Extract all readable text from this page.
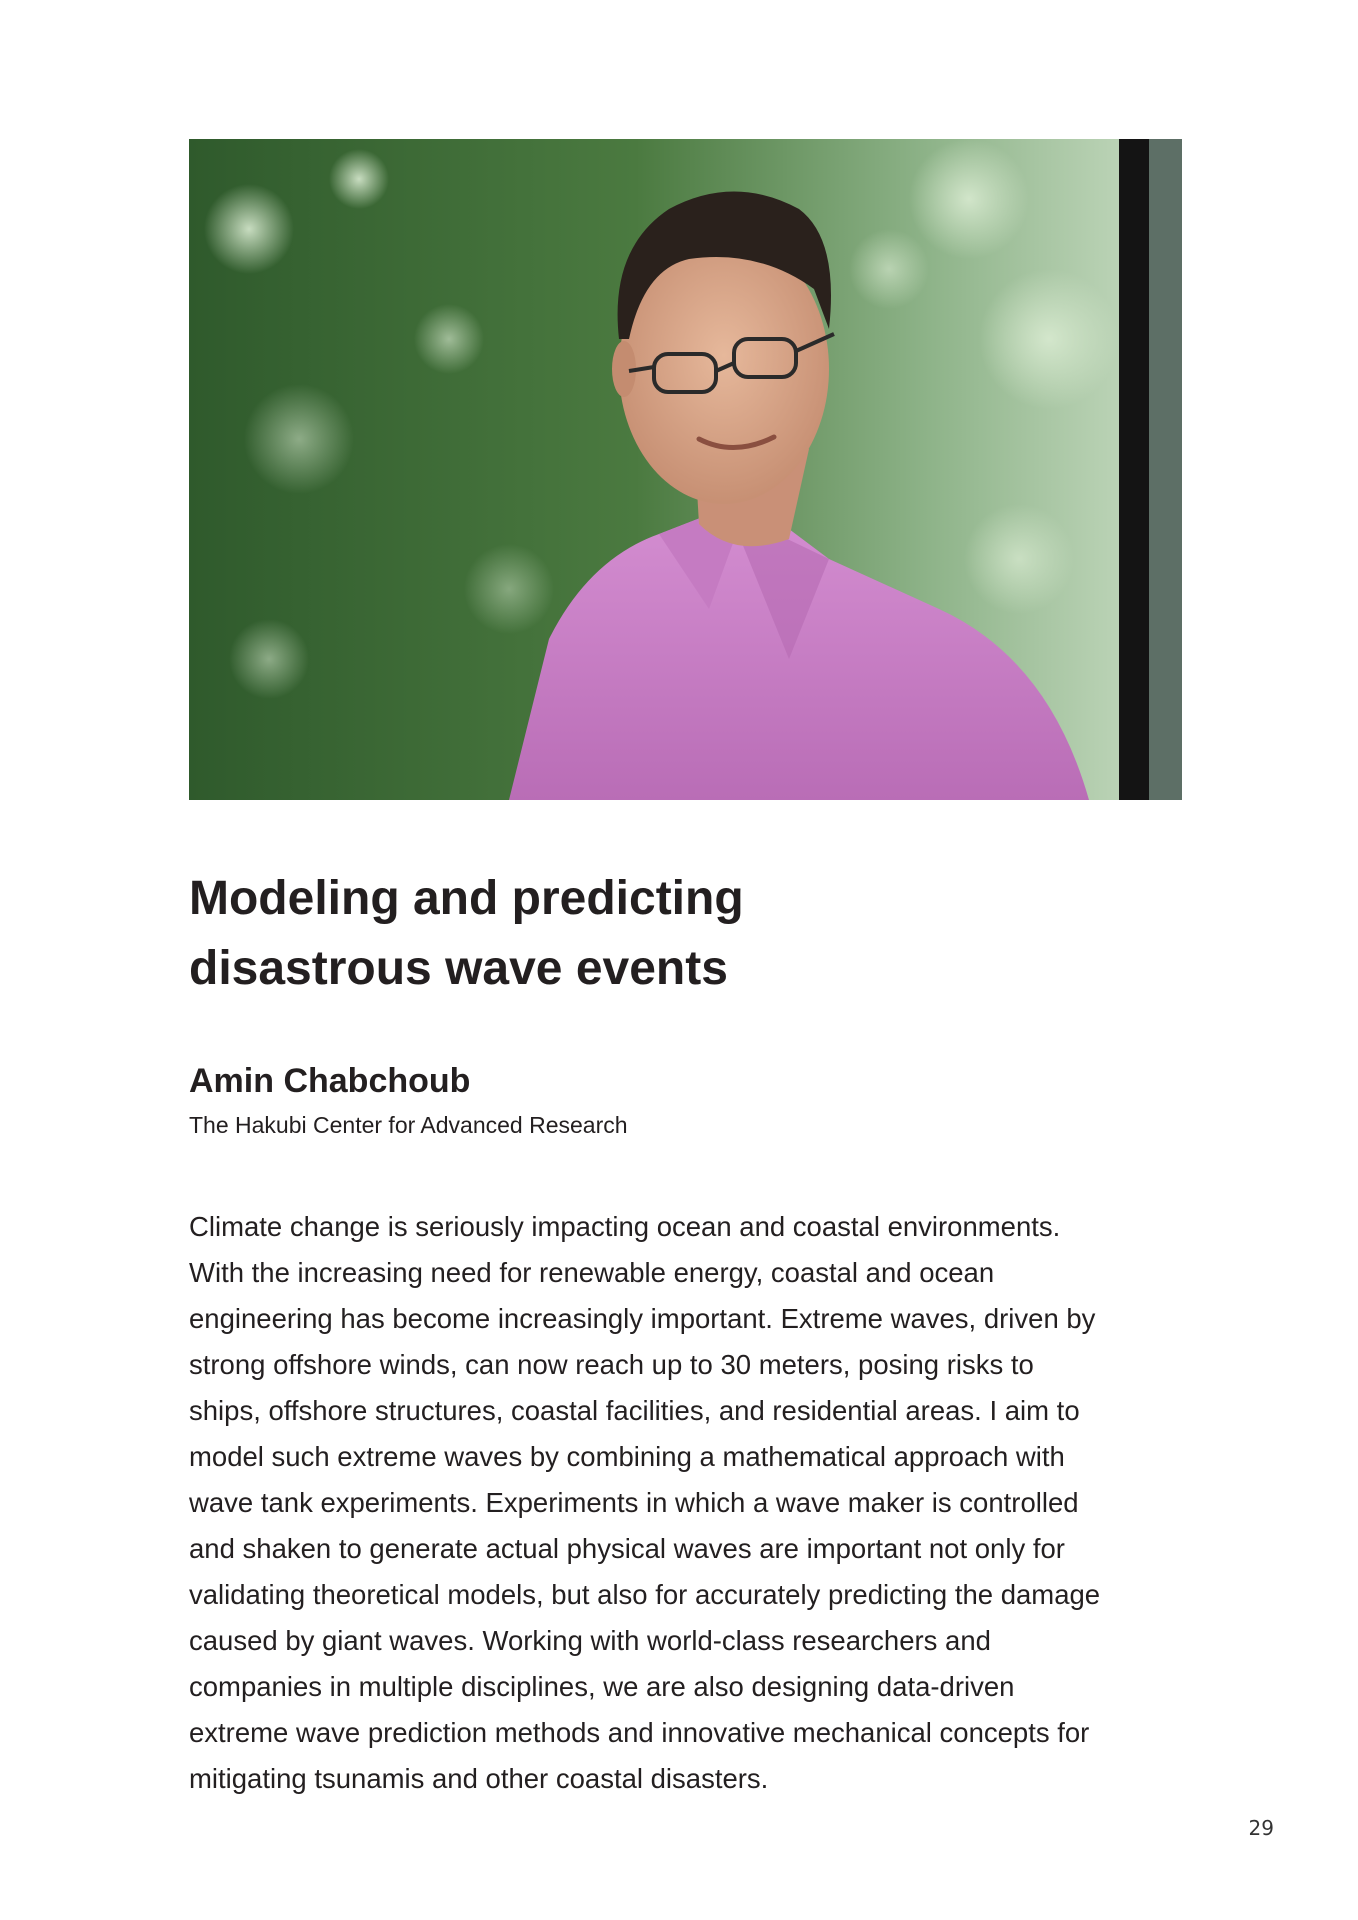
Modeling and predicting
disastrous wave events

Amin Chabchoub

The Hakubi Center for Advanced Research

Climate change is seriously impacting ocean and coastal environments.
With the increasing need for renewable energy, coastal and ocean
engineering has become increasingly important. Extreme waves, driven by
strong offshore winds, can now reach up to 30 meters, posing risks to
ships, offshore structures, coastal facilities, and residential areas. I aim to
model such extreme waves by combining a mathematical approach with
wave tank experiments. Experiments in which a wave maker is controlled
and shaken to generate actual physical waves are important not only for
validating theoretical models, but also for accurately predicting the damage
caused by giant waves. Working with world-class researchers and
companies in multiple disciplines, we are also designing data-driven
extreme wave prediction methods and innovative mechanical concepts for
mitigating tsunamis and other coastal disasters.
29
